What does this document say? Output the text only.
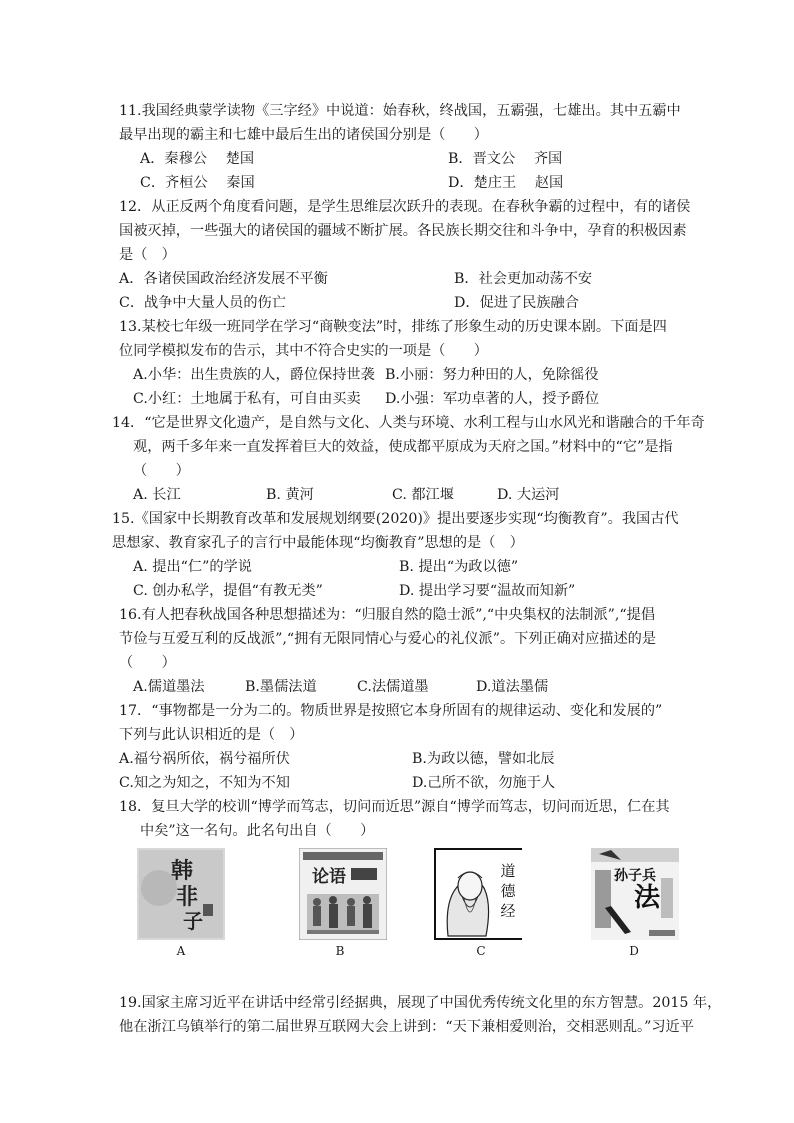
11.我国经典蒙学读物《三字经》中说道：始春秋，终战国，五霸强，七雄出。其中五霸中
最早出现的霸主和七雄中最后生出的诸侯国分别是（　　）
A．秦穆公　 楚国	B．晋文公　 齐国
C．齐桓公　 秦国	D．楚庄王　 赵国
12．从正反两个角度看问题，是学生思维层次跃升的表现。在春秋争霸的过程中，有的诸侯
国被灭掉，一些强大的诸侯国的疆域不断扩展。各民族长期交往和斗争中，孕育的积极因素
是（　）
A．各诸侯国政治经济发展不平衡	B．社会更加动荡不安
C．战争中大量人员的伤亡	D．促进了民族融合
13.某校七年级一班同学在学习“商鞅变法”时，排练了形象生动的历史课本剧。下面是四
位同学模拟发布的告示，其中不符合史实的一项是（　　）
A.小华：出生贵族的人，爵位保持世袭 B.小丽：努力种田的人，免除徭役
C.小红：土地属于私有，可自由买卖 D.小强：军功卓著的人，授予爵位
14．“它是世界文化遗产，是自然与文化、人类与环境、水利工程与山水风光和谐融合的千年奇
观，两千多年来一直发挥着巨大的效益，使成都平原成为天府之国。”材料中的“它”是指
（　　）
A. 长江	B. 黄河	C. 都江堰	D. 大运河
15.《国家中长期教育改革和发展规划纲要(2020)》提出要逐步实现“均衡教育”。我国古代
思想家、教育家孔子的言行中最能体现“均衡教育”思想的是（　）
A. 提出“仁”的学说	B. 提出“为政以德”
C. 创办私学，提倡“有教无类”	D. 提出学习要“温故而知新”
16.有人把春秋战国各种思想描述为：“归服自然的隐士派”,“中央集权的法制派”,“提倡
节俭与互爱互利的反战派”,“拥有无限同情心与爱心的礼仪派”。下列正确对应描述的是
（　　）
A.儒道墨法	B.墨儒法道	C.法儒道墨	D.道法墨儒
17．“事物都是一分为二的。物质世界是按照它本身所固有的规律运动、变化和发展的”
下列与此认识相近的是（　）
A.福兮祸所依，祸兮福所伏	B.为政以德，譬如北辰
C.知之为知之，不知为不知	D.己所不欲，勿施于人
18．复旦大学的校训“博学而笃志，切问而近思”源自“博学而笃志，切问而近思，仁在其
中矣”这一名句。此名句出自（　　）
韩
非
子
A
论语
B
道
德
经
C
孙子兵
法
D
19.国家主席习近平在讲话中经常引经据典，展现了中国优秀传统文化里的东方智慧。2015 年，
他在浙江乌镇举行的第二届世界互联网大会上讲到：“天下兼相爱则治，交相恶则乱。”习近平
